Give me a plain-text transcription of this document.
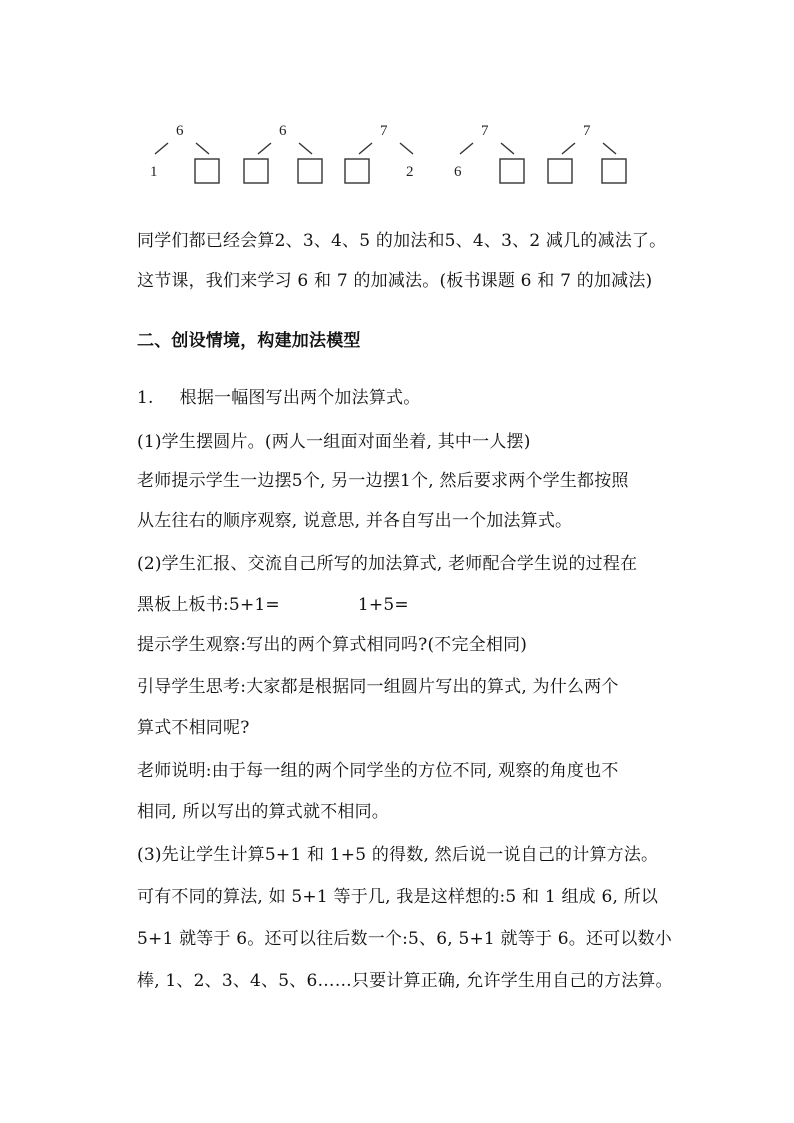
6
1
6	7
2
7
6
7

同学们都已经会算2、3、4、5 的加法和5、4、3、2 减几的减法了。

这节课，我们来学习 6 和 7 的加减法。(板书课题 6 和 7 的加减法)

二、创设情境，构建加法模型

1. 根据一幅图写出两个加法算式。

(1)学生摆圆片。(两人一组面对面坐着, 其中一人摆)

老师提示学生一边摆5个, 另一边摆1个, 然后要求两个学生都按照

从左往右的顺序观察, 说意思, 并各自写出一个加法算式。

(2)学生汇报、交流自己所写的加法算式, 老师配合学生说的过程在

黑板上板书:5+1=	1+5=

提示学生观察:写出的两个算式相同吗?(不完全相同)

引导学生思考:大家都是根据同一组圆片写出的算式, 为什么两个

算式不相同呢?

老师说明:由于每一组的两个同学坐的方位不同, 观察的角度也不

相同, 所以写出的算式就不相同。

(3)先让学生计算5+1 和 1+5 的得数, 然后说一说自己的计算方法。

可有不同的算法, 如 5+1 等于几, 我是这样想的:5 和 1 组成 6, 所以

5+1 就等于 6。还可以往后数一个:5、6, 5+1 就等于 6。还可以数小

棒, 1、2、3、4、5、6……只要计算正确, 允许学生用自己的方法算。
